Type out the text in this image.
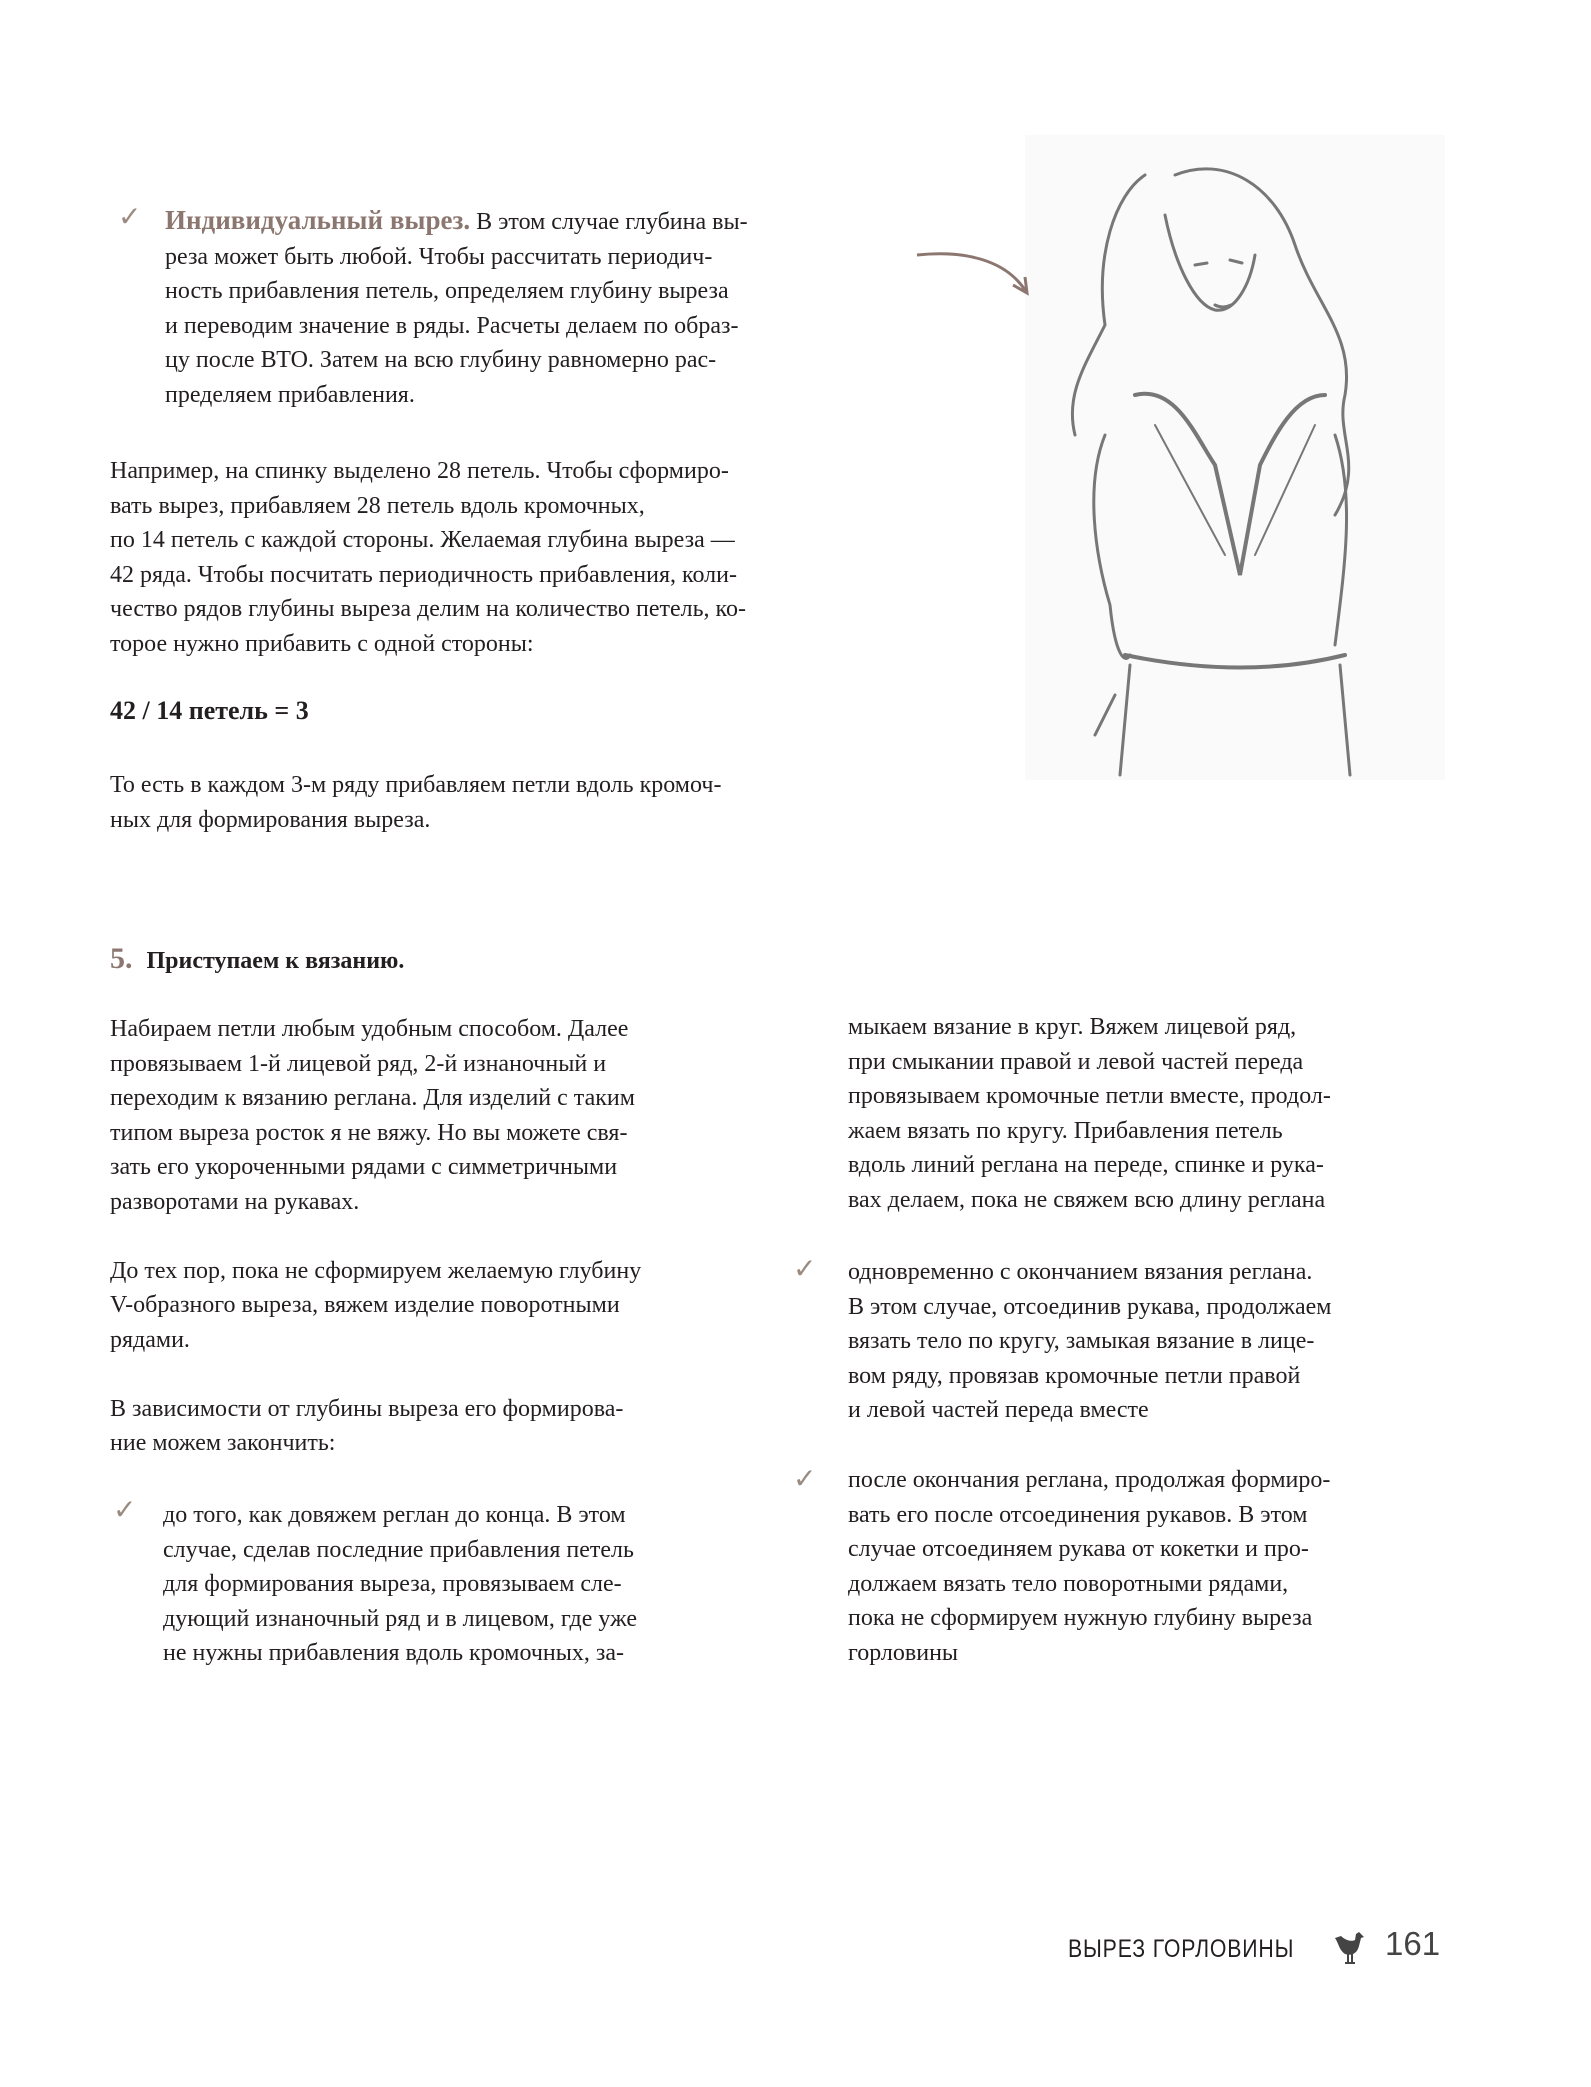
✓ Индивидуальный вырез. В этом случае глубина вы-
реза может быть любой. Чтобы рассчитать периодич-
ность прибавления петель, определяем глубину выреза
и переводим значение в ряды. Расчеты делаем по образ-
цу после ВТО. Затем на всю глубину равномерно рас-
пределяем прибавления.
Например, на спинку выделено 28 петель. Чтобы сформиро-
вать вырез, прибавляем 28 петель вдоль кромочных,
по 14 петель с каждой стороны. Желаемая глубина выреза —
42 ряда. Чтобы посчитать периодичность прибавления, коли-
чество рядов глубины выреза делим на количество петель, ко-
торое нужно прибавить с одной стороны:
42 / 14 петель = 3
То есть в каждом 3-м ряду прибавляем петли вдоль кромоч-
ных для формирования выреза.
5. Приступаем к вязанию.
Набираем петли любым удобным способом. Далее
провязываем 1-й лицевой ряд, 2-й изнаночный и
переходим к вязанию реглана. Для изделий с таким
типом выреза росток я не вяжу. Но вы можете свя-
зать его укороченными рядами с симметричными
разворотами на рукавах.

До тех пор, пока не сформируем желаемую глубину
V-образного выреза, вяжем изделие поворотными
рядами.

В зависимости от глубины выреза его формирова-
ние можем закончить:
✓ до того, как довяжем реглан до конца. В этом
случае, сделав последние прибавления петель
для формирования выреза, провязываем сле-
дующий изнаночный ряд и в лицевом, где уже
не нужны прибавления вдоль кромочных, за-
мыкаем вязание в круг. Вяжем лицевой ряд,
при смыкании правой и левой частей переда
провязываем кромочные петли вместе, продол-
жаем вязать по кругу. Прибавления петель
вдоль линий реглана на переде, спинке и рука-
вах делаем, пока не свяжем всю длину реглана
✓ одновременно с окончанием вязания реглана.
В этом случае, отсоединив рукава, продолжаем
вязать тело по кругу, замыкая вязание в лице-
вом ряду, провязав кромочные петли правой
и левой частей переда вместе
✓ после окончания реглана, продолжая формиро-
вать его после отсоединения рукавов. В этом
случае отсоединяем рукава от кокетки и про-
должаем вязать тело поворотными рядами,
пока не сформируем нужную глубину выреза
горловины
ВЫРЕЗ ГОРЛОВИНЫ	161
